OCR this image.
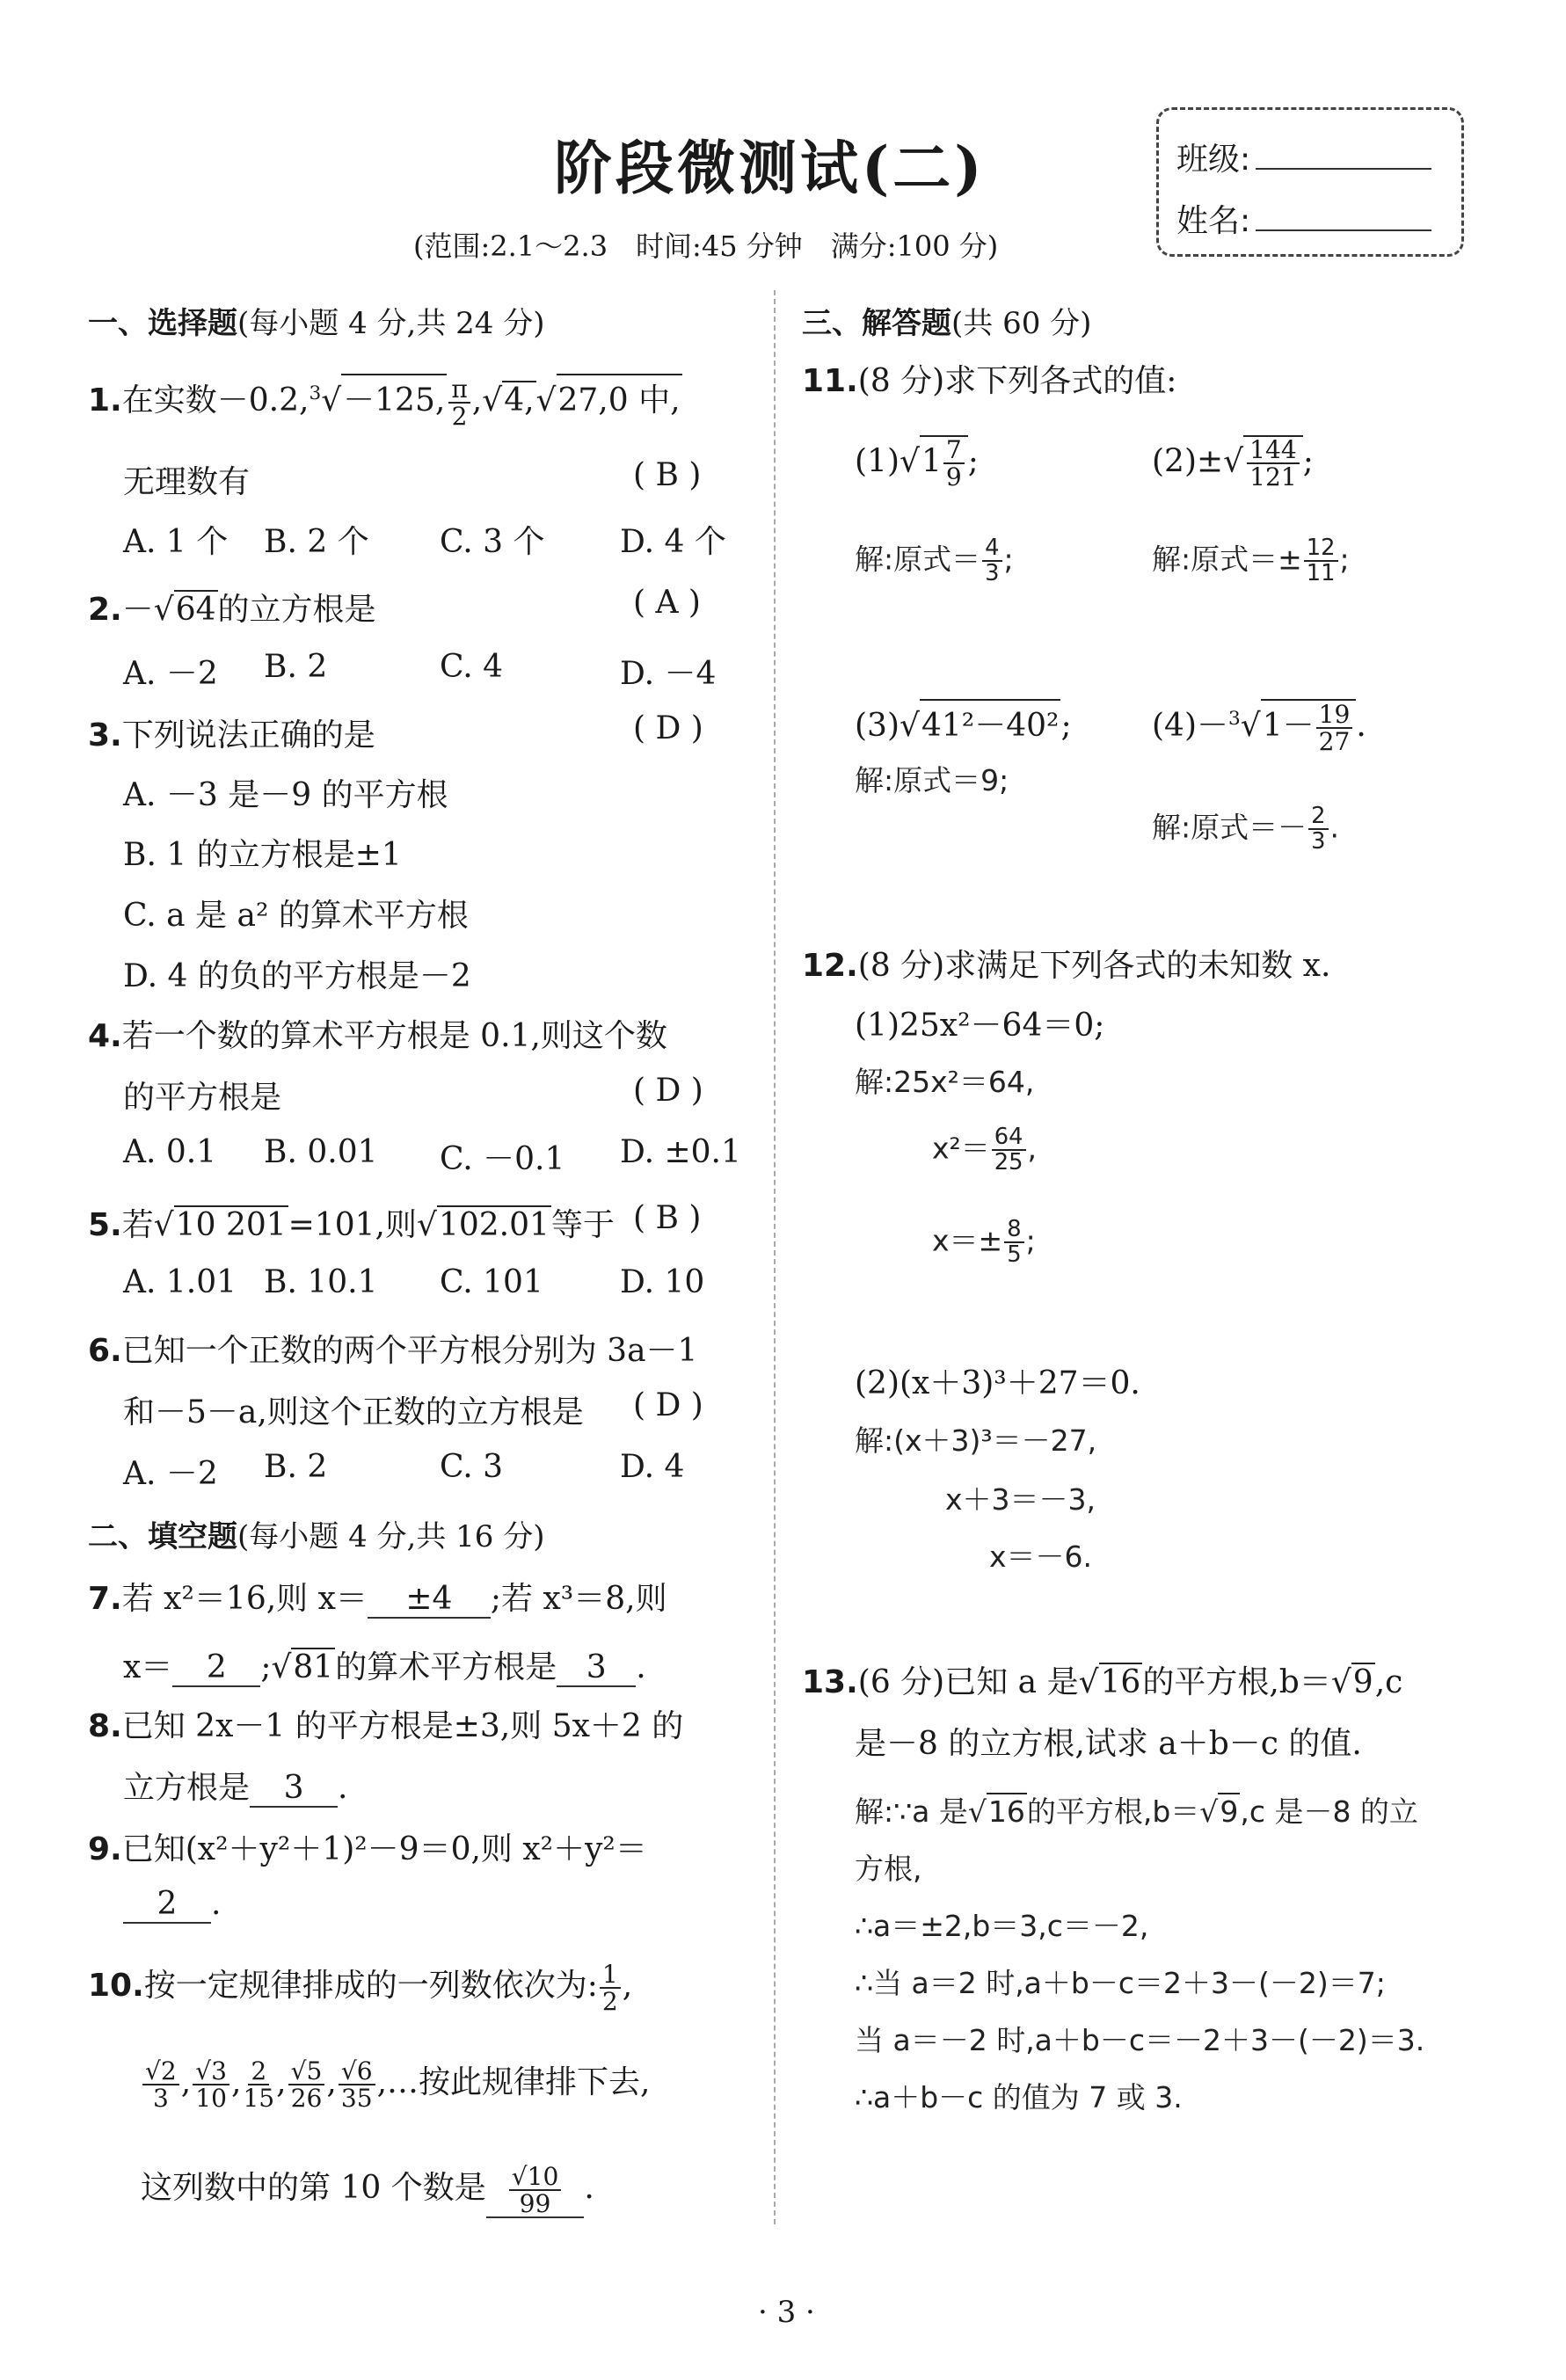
阶段微测试(二)
(范围:2.1～2.3　时间:45 分钟　满分:100 分)
班级:
姓名:
一、选择题(每小题 4 分,共 24 分)
1.在实数－0.2,$^3$√－125, $\frac{\pi}{2} ,√4,√27,0$ 中,
无理数有	( B )
A. 1 个 B. 2 个 C. 3 个 D. 4 个
2.－√64的立方根是	( A )
A. －2 B. 2	C. 4	D. －4
3.下列说法正确的是	( D )
A. －3 是－9 的平方根
B. 1 的立方根是±1
C. a 是 a² 的算术平方根
D. 4 的负的平方根是－2
4.若一个数的算术平方根是 0.1,则这个数
的平方根是	( D )
A. 0.1 B. 0.01 C. －0.1 D. ±0.1
5.若√10 201=101,则√102.01等于 ( B )
A. 1.01 B. 10.1 C. 101 D. 10
6.已知一个正数的两个平方根分别为 3a－1
和－5－a,则这个正数的立方根是 ( D )
A. －2 B. 2	C. 3	D. 4
二、填空题(每小题 4 分,共 16 分)
7.若 x²＝16,则 x＝ ±4 ;若 x³＝8,则
x＝ 2 ;√81的算术平方根是 3 .
8.已知 2x－1 的平方根是±3,则 5x＋2 的
立方根是 3 .
9.已知(x²＋y²＋1)²－9＝0,则 x²＋y²＝
2 .
10.按一定规律排成的一列数依次为: $\frac{1}{2}$ ,
$\frac{√2}{3}$ , $\frac{√3}{10}$ , $\frac{2}{15}$ , $\frac{√5}{26}$ , $\frac{√6}{35}$ ,…按此规律排下去,
这列数中的第 10 个数是 $\frac{√10}{99}$ .
三、解答题(共 60 分)
11.(8 分)求下列各式的值:
$(1)√1 \frac{7}{9}$ ;	$(2)\pm√ \frac{144}{121}$ ;
解:原式＝ $\frac{4}{3}$ ;	解:原式＝± $\frac{12}{11}$ ;
(3)√41²－40²;	$(4)-^3√1- \frac{19}{27}$ .
解:原式＝9;
解:原式＝－ $\frac{2}{3}$ .
12.(8 分)求满足下列各式的未知数 x.
(1)25x²－64＝0;
解:25x²＝64,
$x^2= \frac{64}{25}$ ,
$x=\pm \frac{8}{5}$ ;
(2)(x＋3)³＋27＝0.
解:(x＋3)³＝－27,
x＋3＝－3,
x＝－6.
13.(6 分)已知 a 是√16的平方根,b＝√9,c
是－8 的立方根,试求 a＋b－c 的值.
解:∵a 是√16的平方根,b＝√9,c 是－8 的立
方根,
∴a＝±2,b＝3,c＝－2,
∴当 a＝2 时,a＋b－c＝2＋3－(－2)＝7;
当 a＝－2 时,a＋b－c＝－2＋3－(－2)＝3.
∴a＋b－c 的值为 7 或 3.
· 3 ·
